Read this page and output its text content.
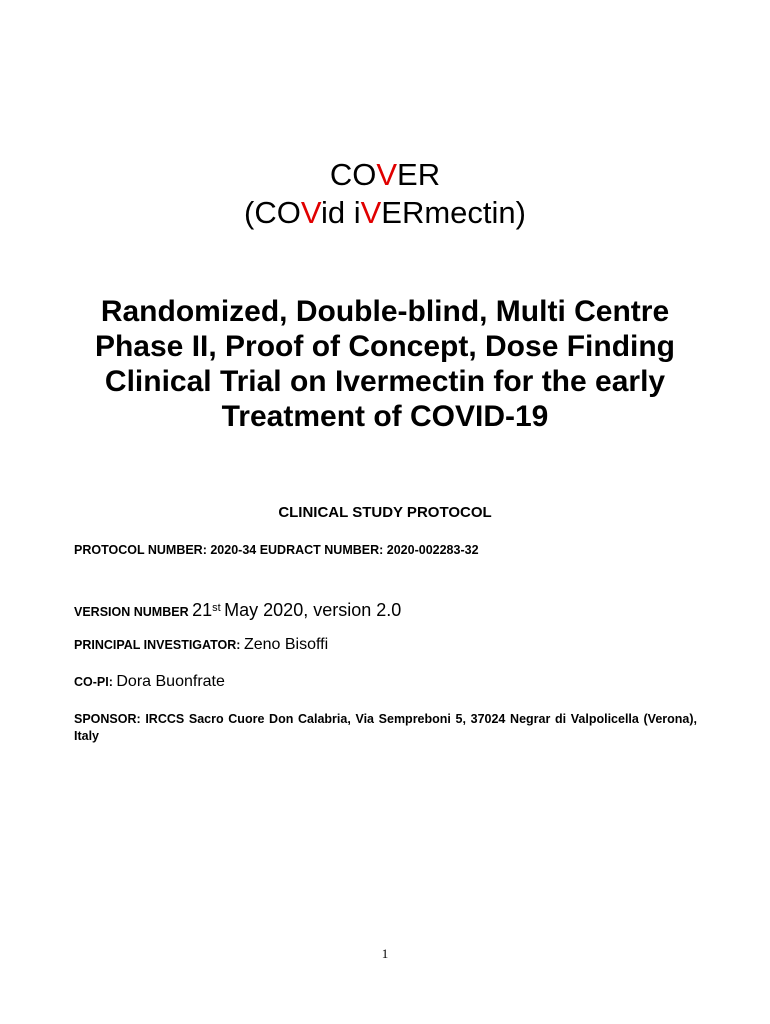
COVER
(COVid iVERmectin)
Randomized, Double-blind, Multi Centre Phase II, Proof of Concept, Dose Finding Clinical Trial on Ivermectin for the early Treatment of COVID-19
CLINICAL STUDY PROTOCOL
PROTOCOL NUMBER: 2020-34 EUDRACT NUMBER: 2020-002283-32
VERSION NUMBER 21st May 2020, version 2.0
PRINCIPAL INVESTIGATOR: Zeno Bisoffi
CO-PI: Dora Buonfrate
SPONSOR: IRCCS Sacro Cuore Don Calabria, Via Sempreboni 5, 37024 Negrar di Valpolicella (Verona), Italy
1
